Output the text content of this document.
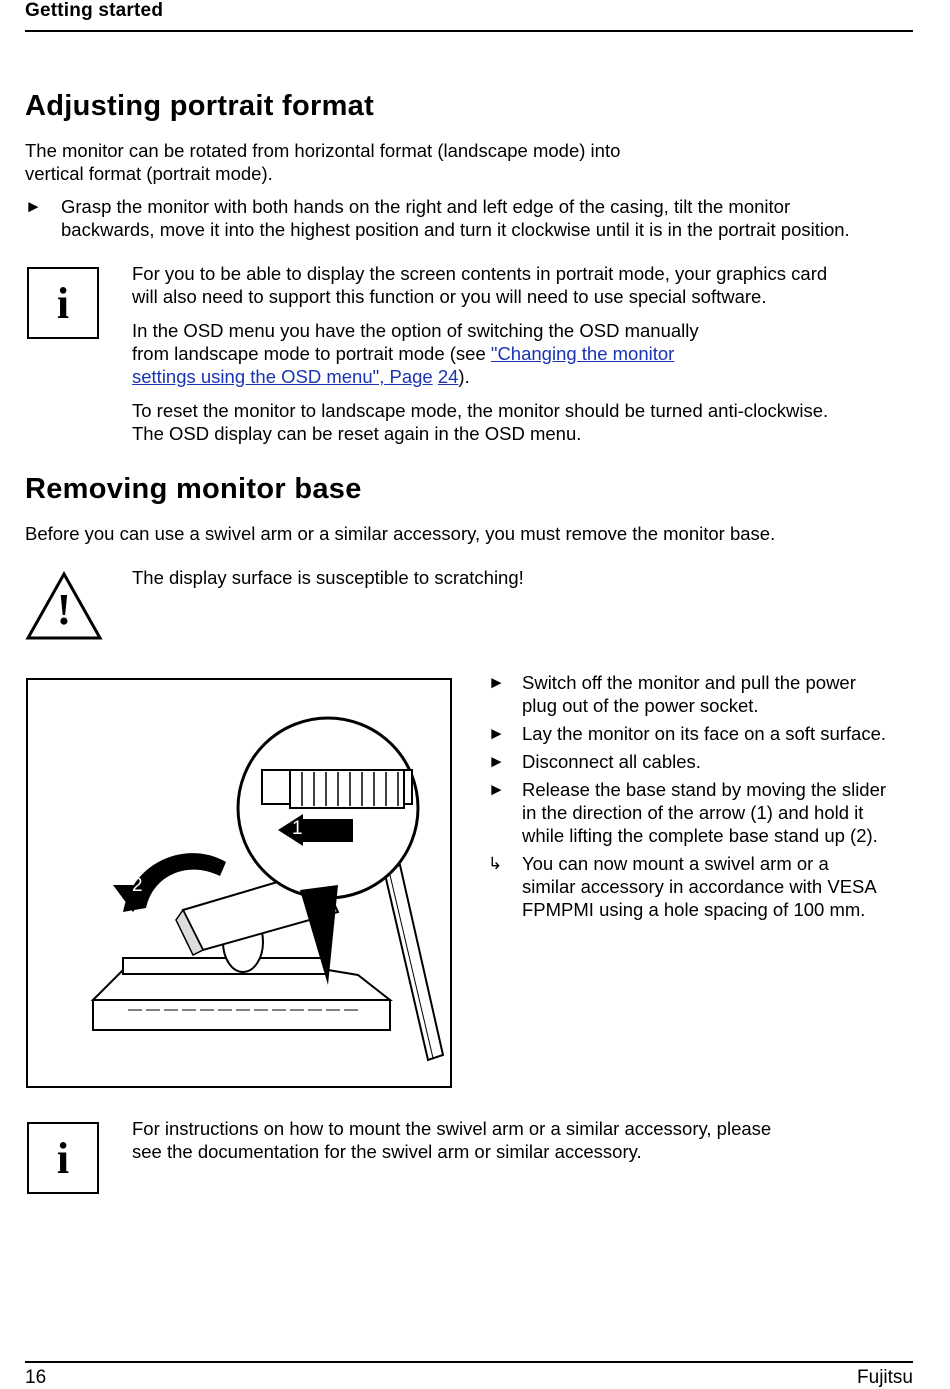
Getting started
Adjusting portrait format

The monitor can be rotated from horizontal format (landscape mode) into

vertical format (portrait mode).

►	Grasp the monitor with both hands on the right and left edge of the casing, tilt the monitor

backwards, move it into the highest position and turn it clockwise until it is in the portrait position.

i

For you to be able to display the screen contents in portrait mode, your graphics card

will also need to support this function or you will need to use special software.

In the OSD menu you have the option of switching the OSD manually

from landscape mode to portrait mode (see "Changing the monitor

settings using the OSD menu", Page 24).

To reset the monitor to landscape mode, the monitor should be turned anti-clockwise.

The OSD display can be reset again in the OSD menu.

Removing monitor base
Before you can use a swivel arm or a similar accessory, you must remove the monitor base.
!
The display surface is susceptible to scratching!
1
2
► Switch off the monitor and pull the power
plug out of the power socket.
► Lay the monitor on its face on a soft surface.
► Disconnect all cables.
► Release the base stand by moving the slider
in the direction of the arrow (1) and hold it
while lifting the complete base stand up (2).
↳	You can now mount a swivel arm or a
similar accessory in accordance with VESA
FPMPMI using a hole spacing of 100 mm.
i

For instructions on how to mount the swivel arm or a similar accessory, please

see the documentation for the swivel arm or similar accessory.

16	Fujitsu
